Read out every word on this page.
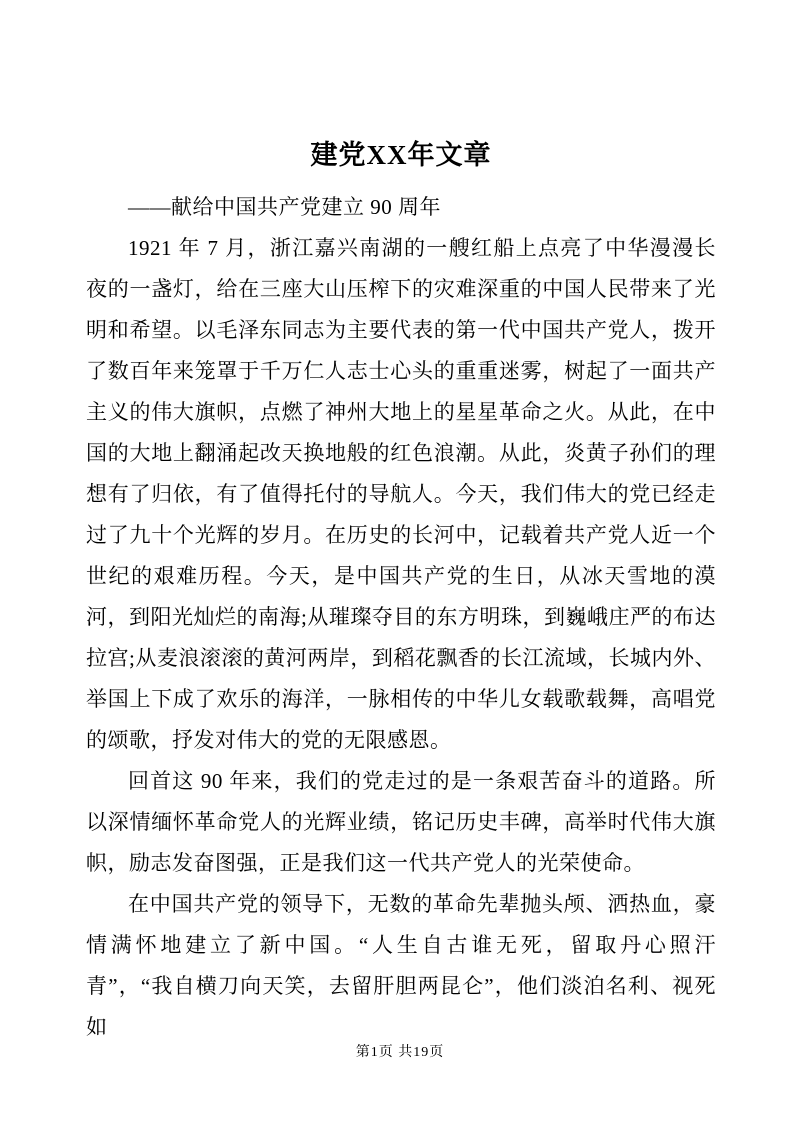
建党XX年文章

——献给中国共产党建立 90 周年

1921 年 7 月，浙江嘉兴南湖的一艘红船上点亮了中华漫漫长夜的一盏灯，给在三座大山压榨下的灾难深重的中国人民带来了光明和希望。以毛泽东同志为主要代表的第一代中国共产党人，拨开了数百年来笼罩于千万仁人志士心头的重重迷雾，树起了一面共产主义的伟大旗帜，点燃了神州大地上的星星革命之火。从此，在中国的大地上翻涌起改天换地般的红色浪潮。从此，炎黄子孙们的理想有了归依，有了值得托付的导航人。今天，我们伟大的党已经走过了九十个光辉的岁月。在历史的长河中，记载着共产党人近一个世纪的艰难历程。今天，是中国共产党的生日，从冰天雪地的漠河，到阳光灿烂的南海;从璀璨夺目的东方明珠，到巍峨庄严的布达拉宫;从麦浪滚滚的黄河两岸，到稻花飘香的长江流域，长城内外、举国上下成了欢乐的海洋，一脉相传的中华儿女载歌载舞，高唱党的颂歌，抒发对伟大的党的无限感恩。

回首这 90 年来，我们的党走过的是一条艰苦奋斗的道路。所以深情缅怀革命党人的光辉业绩，铭记历史丰碑，高举时代伟大旗帜，励志发奋图强，正是我们这一代共产党人的光荣使命。

在中国共产党的领导下，无数的革命先辈抛头颅、洒热血，豪情满怀地建立了新中国。“人生自古谁无死，留取丹心照汗青”，“我自横刀向天笑，去留肝胆两昆仑”，他们淡泊名利、视死如

第1页 共19页
